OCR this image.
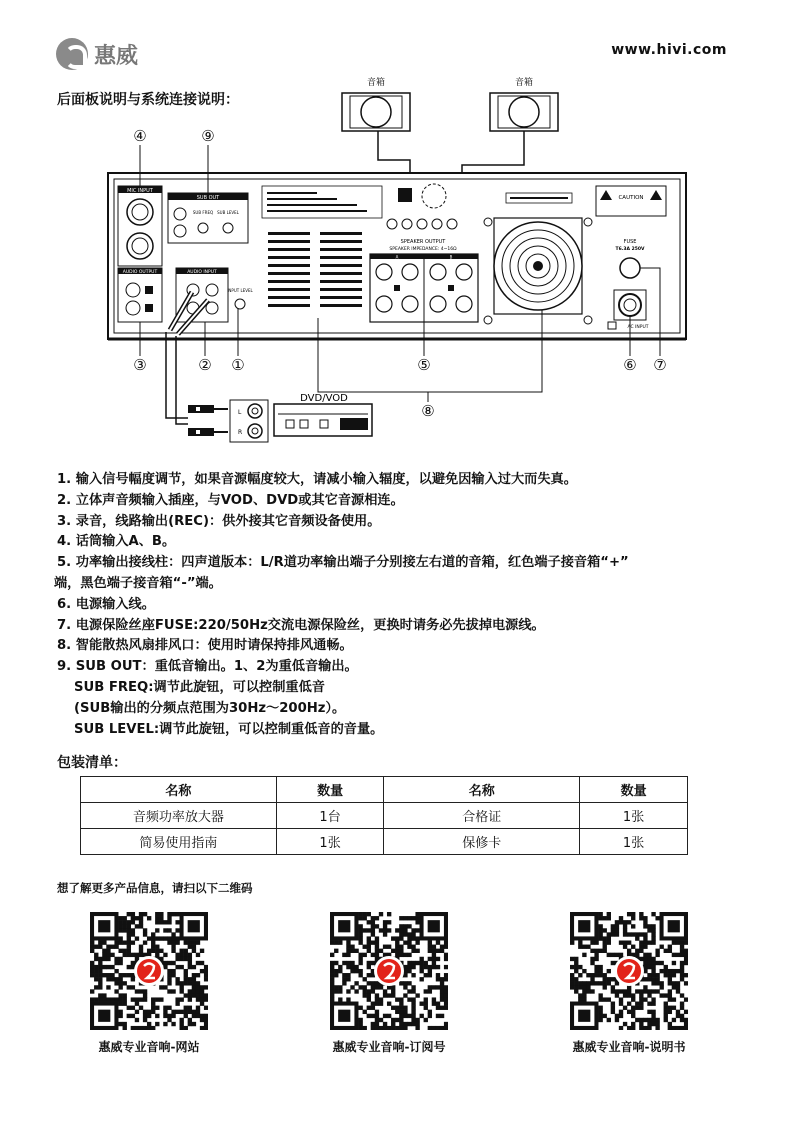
惠威	www.hivi.com
音箱	音箱
MIC INPUT
SUB OUT
SUB FREQ SUB LEVEL
AUDIO OUTPUT	AUDIO INPUT
INPUT LEVEL
SPEAKER OUTPUT
SPEAKER IMPEDANCE: 4~16Ω
A	B
CAUTION
FUSE
T6.3A 250V
AC INPUT
L
R
DVD/VOD
④	⑨
③	② ①	⑤	⑥ ⑦
⑧
后面板说明与系统连接说明：
1. 输入信号幅度调节，如果音源幅度较大，请减小输入辐度，以避免因输入过大而失真。
2. 立体声音频输入插座，与VOD、DVD或其它音源相连。
3. 录音，线路输出(REC)：供外接其它音频设备使用。
4. 话筒输入A、B。
5. 功率输出接线柱：四声道版本：L/R道功率输出端子分别接左右道的音箱，红色端子接音箱“+”
端，黑色端子接音箱“-”端。
6. 电源输入线。
7. 电源保险丝座FUSE:220/50Hz交流电源保险丝，更换时请务必先拔掉电源线。
8. 智能散热风扇排风口：使用时请保持排风通畅。
9. SUB OUT：重低音输出。1、2为重低音输出。
SUB FREQ:调节此旋钮，可以控制重低音
(SUB输出的分频点范围为30Hz～200Hz）。
SUB LEVEL:调节此旋钮，可以控制重低音的音量。
包装清单：
名称	数量	名称	数量
音频功率放大器	1台	合格证	1张
简易使用指南	1张	保修卡	1张
想了解更多产品信息，请扫以下二维码
惠威专业音响-网站	惠威专业音响-订阅号	惠威专业音响-说明书
